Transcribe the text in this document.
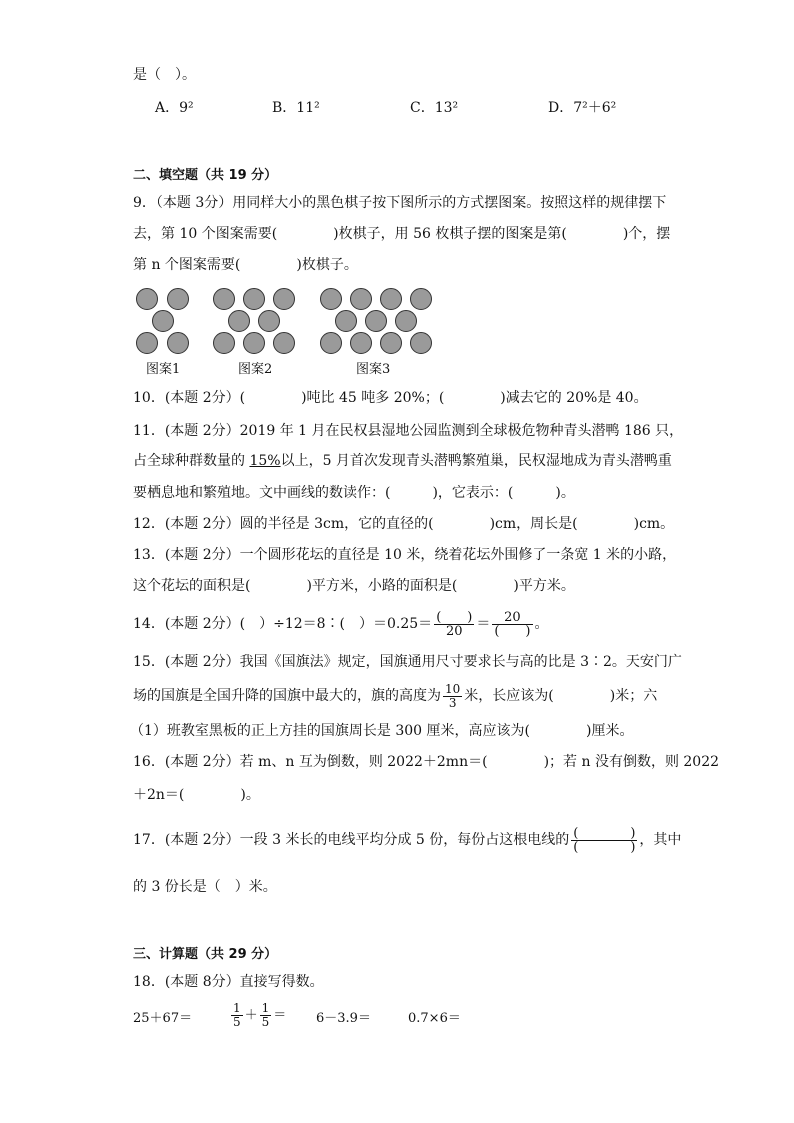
是（　）。
A．9²	B．11²	C．13²	D．7²＋6²
二、填空题（共 19 分）
9．（本题 3分）用同样大小的黑色棋子按下图所示的方式摆图案。按照这样的规律摆下
去，第 10 个图案需要(　　　　)枚棋子，用 56 枚棋子摆的图案是第(　　　　)个，摆
第 n 个图案需要(　　　　)枚棋子。
图案1	图案2	图案3
10．(本题 2分）(　　　　)吨比 45 吨多 20%；(　　　　)减去它的 20%是 40。
11．(本题 2分）2019 年 1 月在民权县湿地公园监测到全球极危物种青头潜鸭 186 只，
占全球种群数量的 15%以上，5 月首次发现青头潜鸭繁殖巢，民权湿地成为青头潜鸭重
要栖息地和繁殖地。文中画线的数读作：(　　　)，它表示：(　　　)。
12．(本题 2分）圆的半径是 3cm，它的直径的(　　　　)cm，周长是(　　　　)cm。
13．(本题 2分）一个圆形花坛的直径是 10 米，绕着花坛外围修了一条宽 1 米的小路，
这个花坛的面积是(　　　　)平方米，小路的面积是(　　　　)平方米。
14．(本题 2分）(　）÷12＝8∶(　）$=0.25= \frac{( )}{20} = \frac{20}{( )}$ 。
15．(本题 2分）我国《国旗法》规定，国旗通用尺寸要求长与高的比是 3∶2。天安门广
场的国旗是全国升降的国旗中最大的，旗的高度为 $\frac{10}{3}$ 米，长应该为(　　　　)米；六
（1）班教室黑板的正上方挂的国旗周长是 300 厘米，高应该为(　　　　)厘米。
16．(本题 2分）若 m、n 互为倒数，则 2022＋2mn＝(　　　　)；若 n 没有倒数，则 2022
＋2n＝(　　　　)。
17．(本题 2分）一段 3 米长的电线平均分成 5 份，每份占这根电线的 $\frac{( )}{( )}$ ，其中
的 3 份长是（　）米。
三、计算题（共 29 分）
18．(本题 8分）直接写得数。
25＋67＝	$\frac{1}{5} + \frac{1}{5} = 6-3.9=$	0.7×6＝
